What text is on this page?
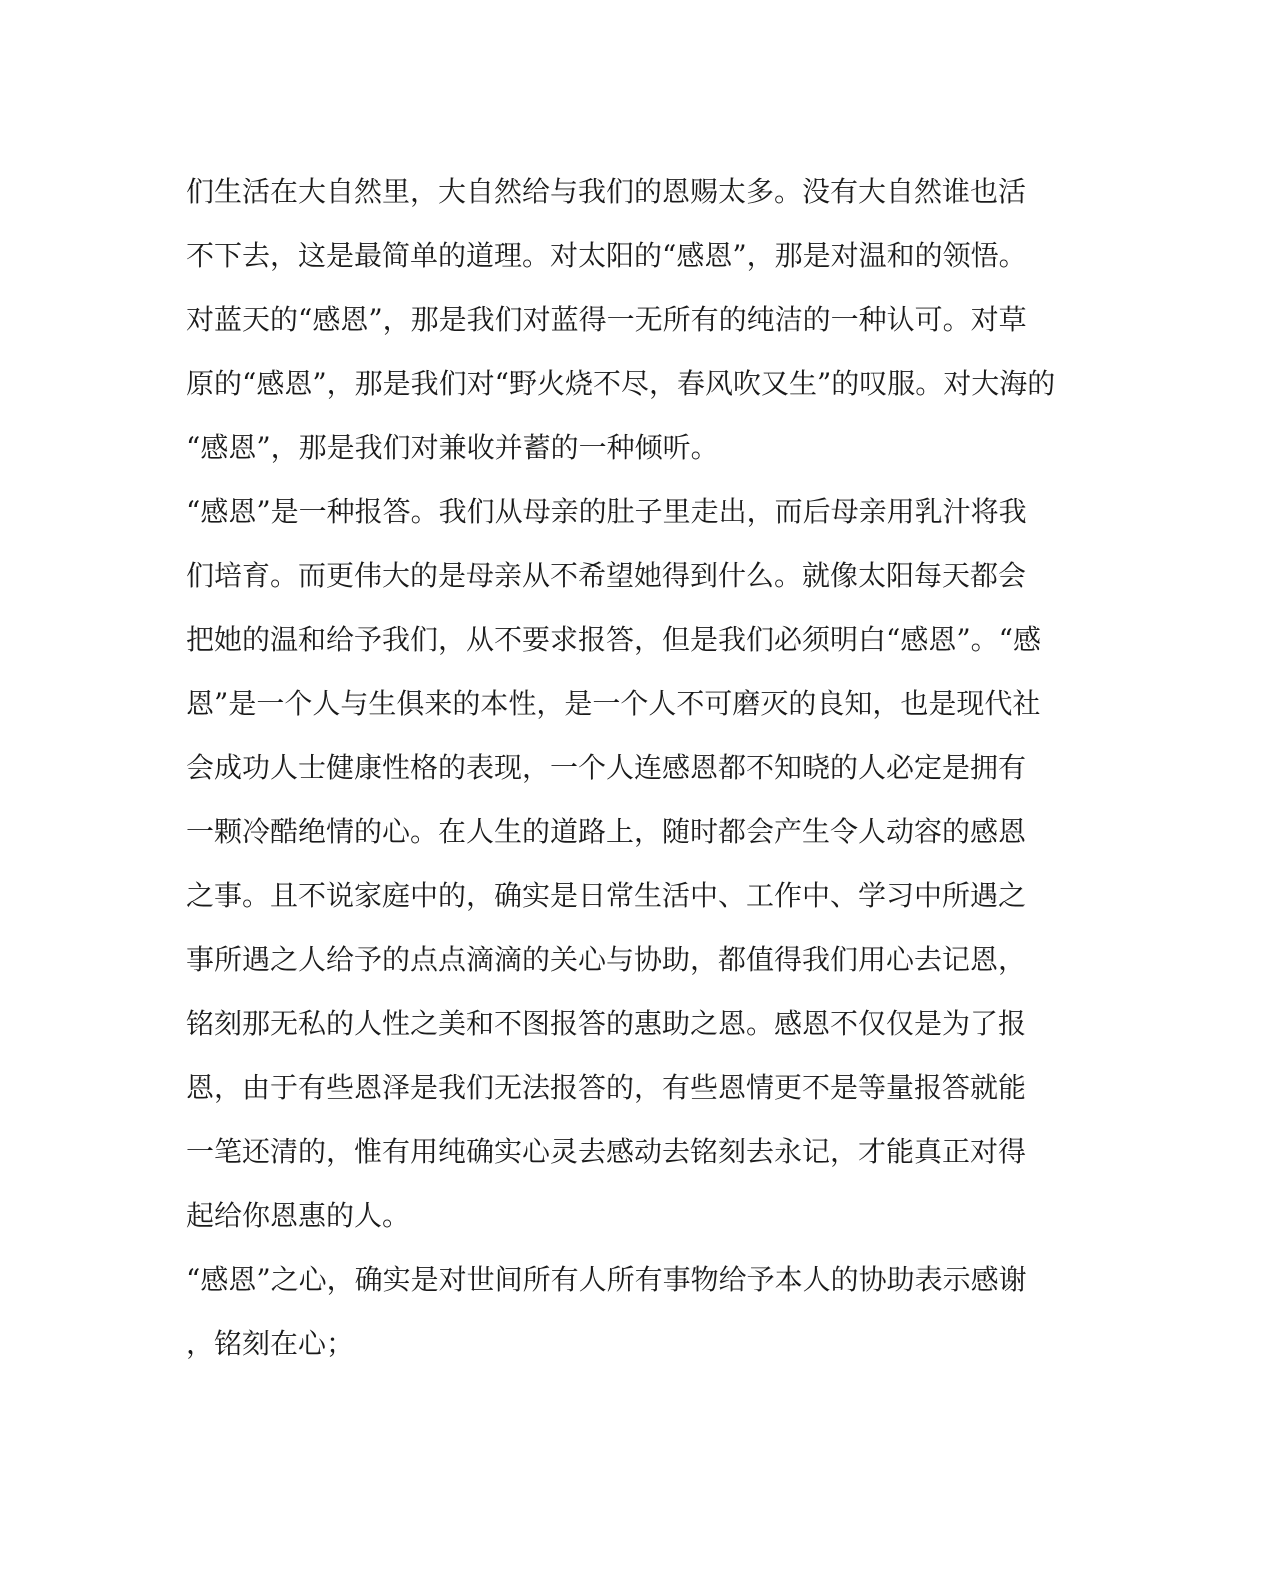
们生活在大自然里，大自然给与我们的恩赐太多。没有大自然谁也活
不下去，这是最简单的道理。对太阳的“感恩”，那是对温和的领悟。
对蓝天的“感恩”，那是我们对蓝得一无所有的纯洁的一种认可。对草
原的“感恩”，那是我们对“野火烧不尽，春风吹又生”的叹服。对大海的
“感恩”，那是我们对兼收并蓄的一种倾听。
“感恩”是一种报答。我们从母亲的肚子里走出，而后母亲用乳汁将我
们培育。而更伟大的是母亲从不希望她得到什么。就像太阳每天都会
把她的温和给予我们，从不要求报答，但是我们必须明白“感恩”。“感
恩”是一个人与生俱来的本性，是一个人不可磨灭的良知，也是现代社
会成功人士健康性格的表现，一个人连感恩都不知晓的人必定是拥有
一颗冷酷绝情的心。在人生的道路上，随时都会产生令人动容的感恩
之事。且不说家庭中的，确实是日常生活中、工作中、学习中所遇之
事所遇之人给予的点点滴滴的关心与协助，都值得我们用心去记恩，
铭刻那无私的人性之美和不图报答的惠助之恩。感恩不仅仅是为了报
恩，由于有些恩泽是我们无法报答的，有些恩情更不是等量报答就能
一笔还清的，惟有用纯确实心灵去感动去铭刻去永记，才能真正对得
起给你恩惠的人。
“感恩”之心，确实是对世间所有人所有事物给予本人的协助表示感谢
，铭刻在心；
